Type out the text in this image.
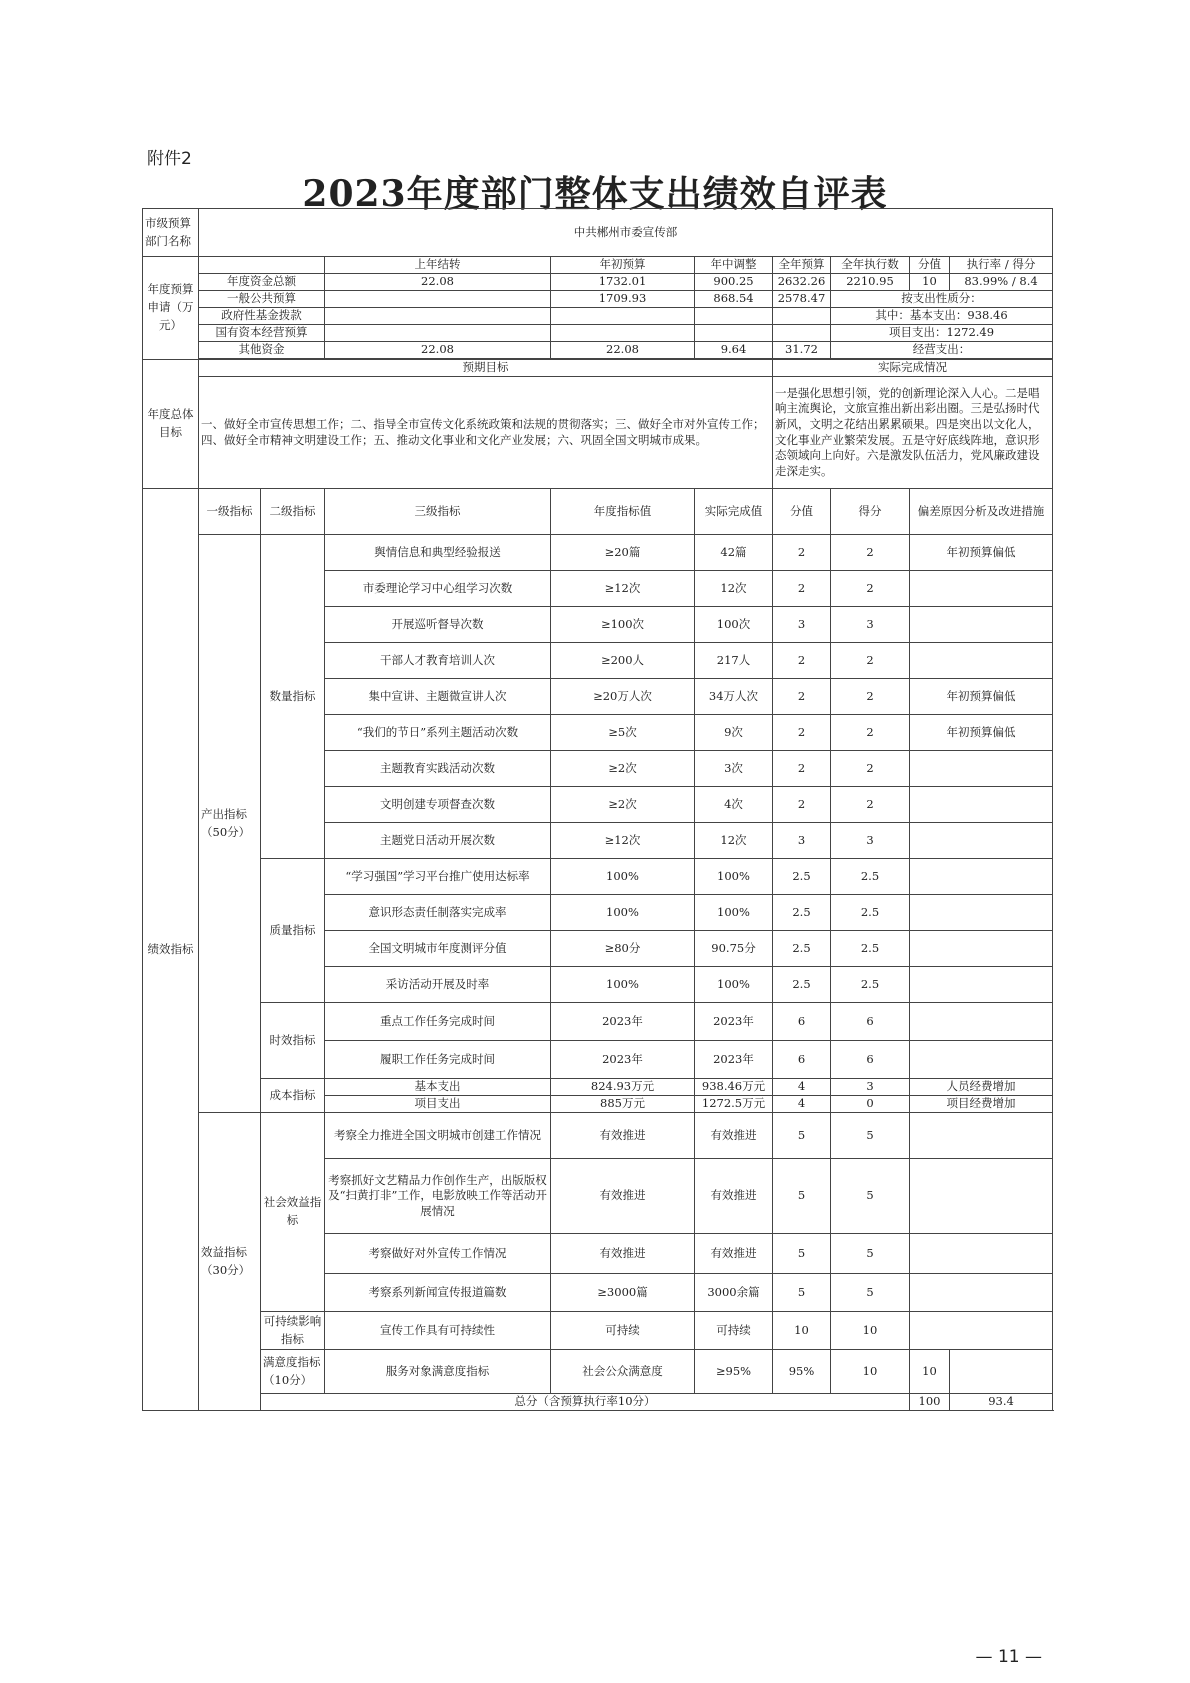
附件2
2023年度部门整体支出绩效自评表
市级预算部门名称	中共郴州市委宣传部									
年度预算申请（万元）			上年结转	年初预算	年中调整	全年预算	全年执行数	分值	执行率 / 得分	
	年度资金总额		22.08	1732.01	900.25	2632.26	2210.95	10	83.99% / 8.4	
	一般公共预算			1709.93	868.54	2578.47	按支出性质分：			
	政府性基金拨款						其中：基本支出：938.46			
	国有资本经营预算						项目支出：1272.49			
	其他资金		22.08	22.08	9.64	31.72	经营支出：			

年度总体目标	预期目标					实际完成情况				
	一、做好全市宣传思想工作；二、指导全市宣传文化系统政策和法规的贯彻落实；三、做好全市对外宣传工作；四、做好全市精神文明建设工作；五、推动文化事业和文化产业发展；六、巩固全国文明城市成果。					一是强化思想引领，党的创新理论深入人心。二是唱响主流舆论，文旅宣推出新出彩出圈。三是弘扬时代新风，文明之花结出累累硕果。四是突出以文化人，文化事业产业繁荣发展。五是守好底线阵地，意识形态领域向上向好。六是激发队伍活力，党风廉政建设走深走实。				
绩效指标	一级指标	二级指标	三级指标	年度指标值	实际完成值	分值	得分	偏差原因分析及改进措施		
	产出指标（50分）	数量指标	舆情信息和典型经验报送	≥20篇	42篇	2	2	年初预算偏低		
			市委理论学习中心组学习次数	≥12次	12次	2	2			
			开展巡听督导次数	≥100次	100次	3	3			
			干部人才教育培训人次	≥200人	217人	2	2			
			集中宣讲、主题微宣讲人次	≥20万人次	34万人次	2	2	年初预算偏低		
			“我们的节日”系列主题活动次数	≥5次	9次	2	2	年初预算偏低		
			主题教育实践活动次数	≥2次	3次	2	2			
			文明创建专项督查次数	≥2次	4次	2	2			
			主题党日活动开展次数	≥12次	12次	3	3			
		质量指标	“学习强国”学习平台推广使用达标率	100%	100%	2.5	2.5			
			意识形态责任制落实完成率	100%	100%	2.5	2.5			
			全国文明城市年度测评分值	≥80分	90.75分	2.5	2.5			
			采访活动开展及时率	100%	100%	2.5	2.5			
		时效指标	重点工作任务完成时间	2023年	2023年	6	6			
			履职工作任务完成时间	2023年	2023年	6	6			
		成本指标	基本支出	824.93万元	938.46万元	4	3	人员经费增加		
			项目支出	885万元	1272.5万元	4	0	项目经费增加		
	效益指标（30分）	社会效益指标	考察全力推进全国文明城市创建工作情况	有效推进	有效推进	5	5			
			考察抓好文艺精品力作创作生产，出版版权及“扫黄打非”工作，电影放映工作等活动开展情况	有效推进	有效推进	5	5			
			考察做好对外宣传工作情况	有效推进	有效推进	5	5			
			考察系列新闻宣传报道篇数	≥3000篇	3000余篇	5	5			
		可持续影响指标	宣传工作具有可持续性	可持续	可持续	10	10			
		满意度指标（10分）	服务对象满意度指标	社会公众满意度	≥95%	95%	10	10		
		总分（含预算执行率10分）						100	93.4	
— 11 —
